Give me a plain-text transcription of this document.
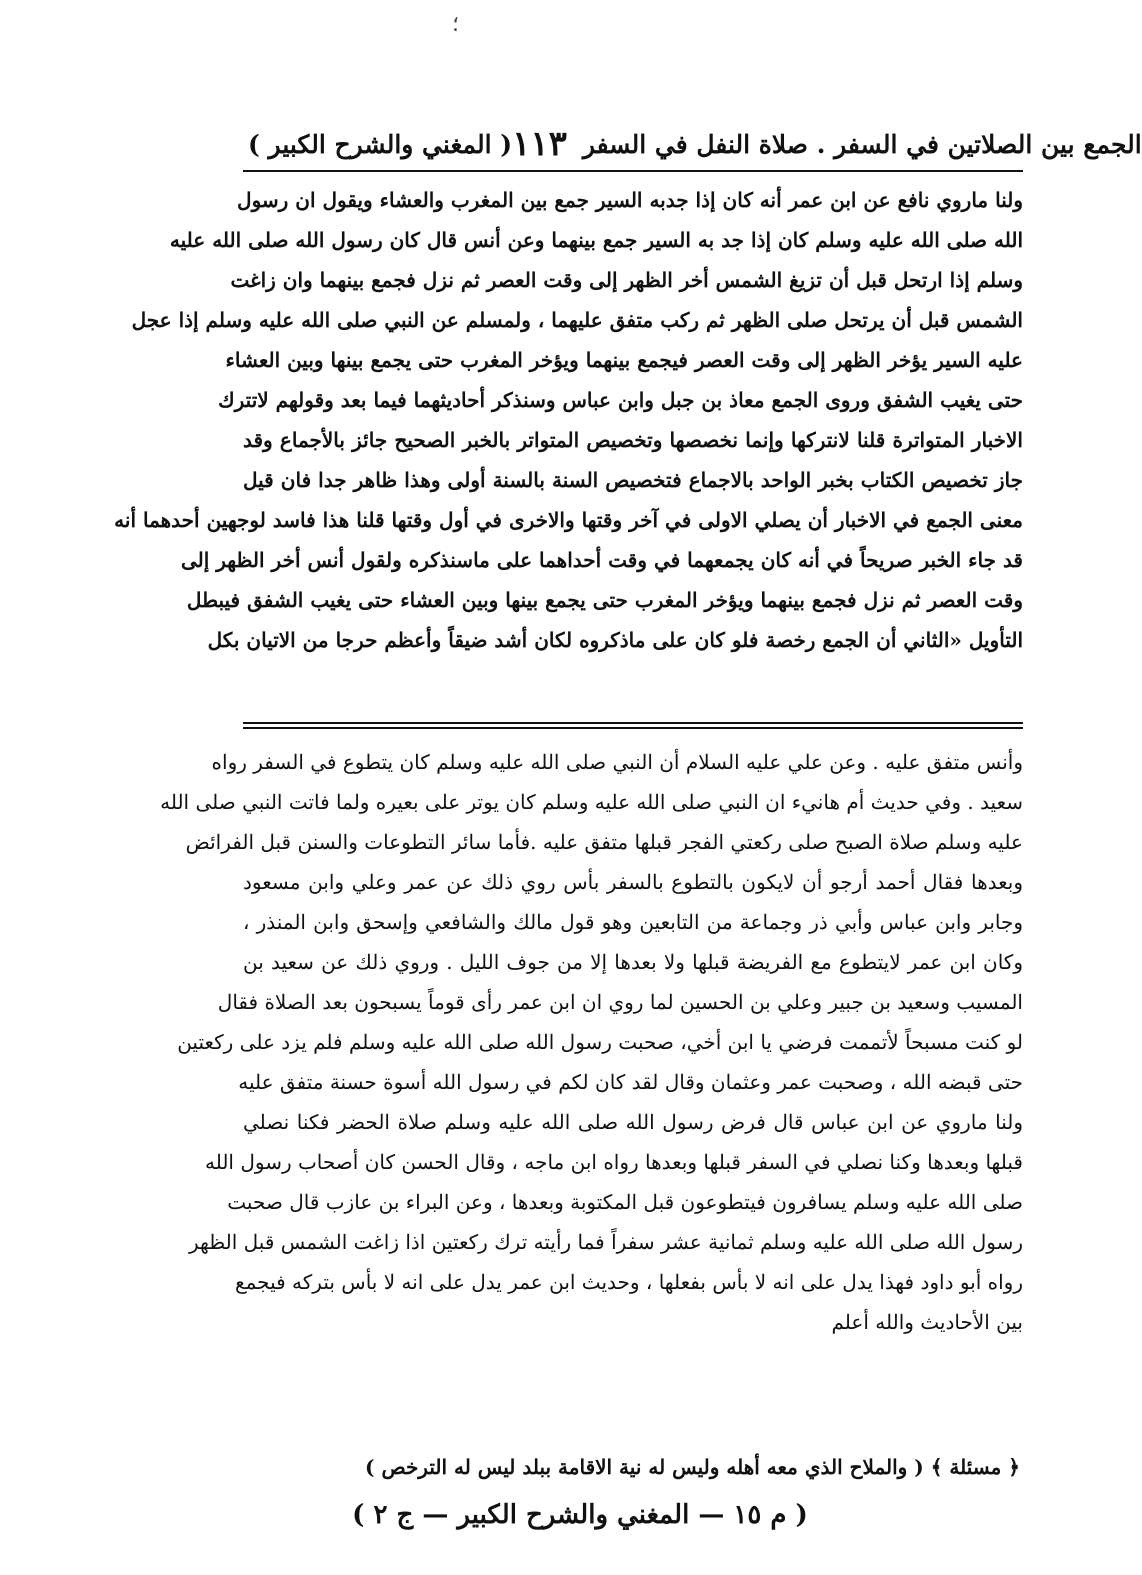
؛
( المغني والشرح الكبير )	الجمع بين الصلاتين في السفر . صلاة النفل في السفر
١١٣
ولنا ماروي نافع عن ابن عمر أنه كان إذا جدبه السير جمع بين المغرب والعشاء ويقول ان رسول
الله صلى الله عليه وسلم كان إذا جد به السير جمع بينهما وعن أنس قال كان رسول الله صلى الله عليه
وسلم إذا ارتحل قبل أن تزيغ الشمس أخر الظهر إلى وقت العصر ثم نزل فجمع بينهما وان زاغت
الشمس قبل أن يرتحل صلى الظهر ثم ركب متفق عليهما ، ولمسلم عن النبي صلى الله عليه وسلم إذا عجل
عليه السير يؤخر الظهر إلى وقت العصر فيجمع بينهما ويؤخر المغرب حتى يجمع بينها وبين العشاء
حتى يغيب الشفق وروى الجمع معاذ بن جبل وابن عباس وسنذكر أحاديثهما فيما بعد وقولهم لاتترك
الاخبار المتواترة قلنا لانتركها وإنما نخصصها وتخصيص المتواتر بالخبر الصحيح جائز بالأجماع وقد
جاز تخصيص الكتاب بخبر الواحد بالاجماع فتخصيص السنة بالسنة أولى وهذا ظاهر جدا فان قيل
معنى الجمع في الاخبار أن يصلي الاولى في آخر وقتها والاخرى في أول وقتها قلنا هذا فاسد لوجهين أحدهما أنه
قد جاء الخبر صريحاً في أنه كان يجمعهما في وقت أحداهما على ماسنذكره ولقول أنس أخر الظهر إلى
وقت العصر ثم نزل فجمع بينهما ويؤخر المغرب حتى يجمع بينها وبين العشاء حتى يغيب الشفق فيبطل
التأويل «الثاني أن الجمع رخصة فلو كان على ماذكروه لكان أشد ضيقاً وأعظم حرجا من الاتيان بكل
وأنس متفق عليه . وعن علي عليه السلام أن النبي صلى الله عليه وسلم كان يتطوع في السفر رواه
سعيد . وفي حديث أم هانيء ان النبي صلى الله عليه وسلم كان يوتر على بعيره ولما فاتت النبي صلى الله
عليه وسلم صلاة الصبح صلى ركعتي الفجر قبلها متفق عليه .فأما سائر التطوعات والسنن قبل الفرائض
وبعدها فقال أحمد أرجو أن لايكون بالتطوع بالسفر بأس روي ذلك عن عمر وعلي وابن مسعود
وجابر وابن عباس وأبي ذر وجماعة من التابعين وهو قول مالك والشافعي وإسحق وابن المنذر ،
وكان ابن عمر لايتطوع مع الفريضة قبلها ولا بعدها إلا من جوف الليل . وروي ذلك عن سعيد بن
المسيب وسعيد بن جبير وعلي بن الحسين لما روي ان ابن عمر رأى قوماً يسبحون بعد الصلاة فقال
لو كنت مسبحاً لأتممت فرضي يا ابن أخي، صحبت رسول الله صلى الله عليه وسلم فلم يزد على ركعتين
حتى قبضه الله ، وصحبت عمر وعثمان وقال لقد كان لكم في رسول الله أسوة حسنة متفق عليه
ولنا ماروي عن ابن عباس قال فرض رسول الله صلى الله عليه وسلم صلاة الحضر فكنا نصلي
قبلها وبعدها وكنا نصلي في السفر قبلها وبعدها رواه ابن ماجه ، وقال الحسن كان أصحاب رسول الله
صلى الله عليه وسلم يسافرون فيتطوعون قبل المكتوبة وبعدها ، وعن البراء بن عازب قال صحبت
رسول الله صلى الله عليه وسلم ثمانية عشر سفراً فما رأيته ترك ركعتين اذا زاغت الشمس قبل الظهر
رواه أبو داود فهذا يدل على انه لا بأس بفعلها ، وحديث ابن عمر يدل على انه لا بأس بتركه فيجمع
بين الأحاديث والله أعلم
﴿ مسئلة ﴾ ( والملاح الذي معه أهله وليس له نية الاقامة ببلد ليس له الترخص )
( م ١٥ — المغني والشرح الكبير — ج ٢ )
